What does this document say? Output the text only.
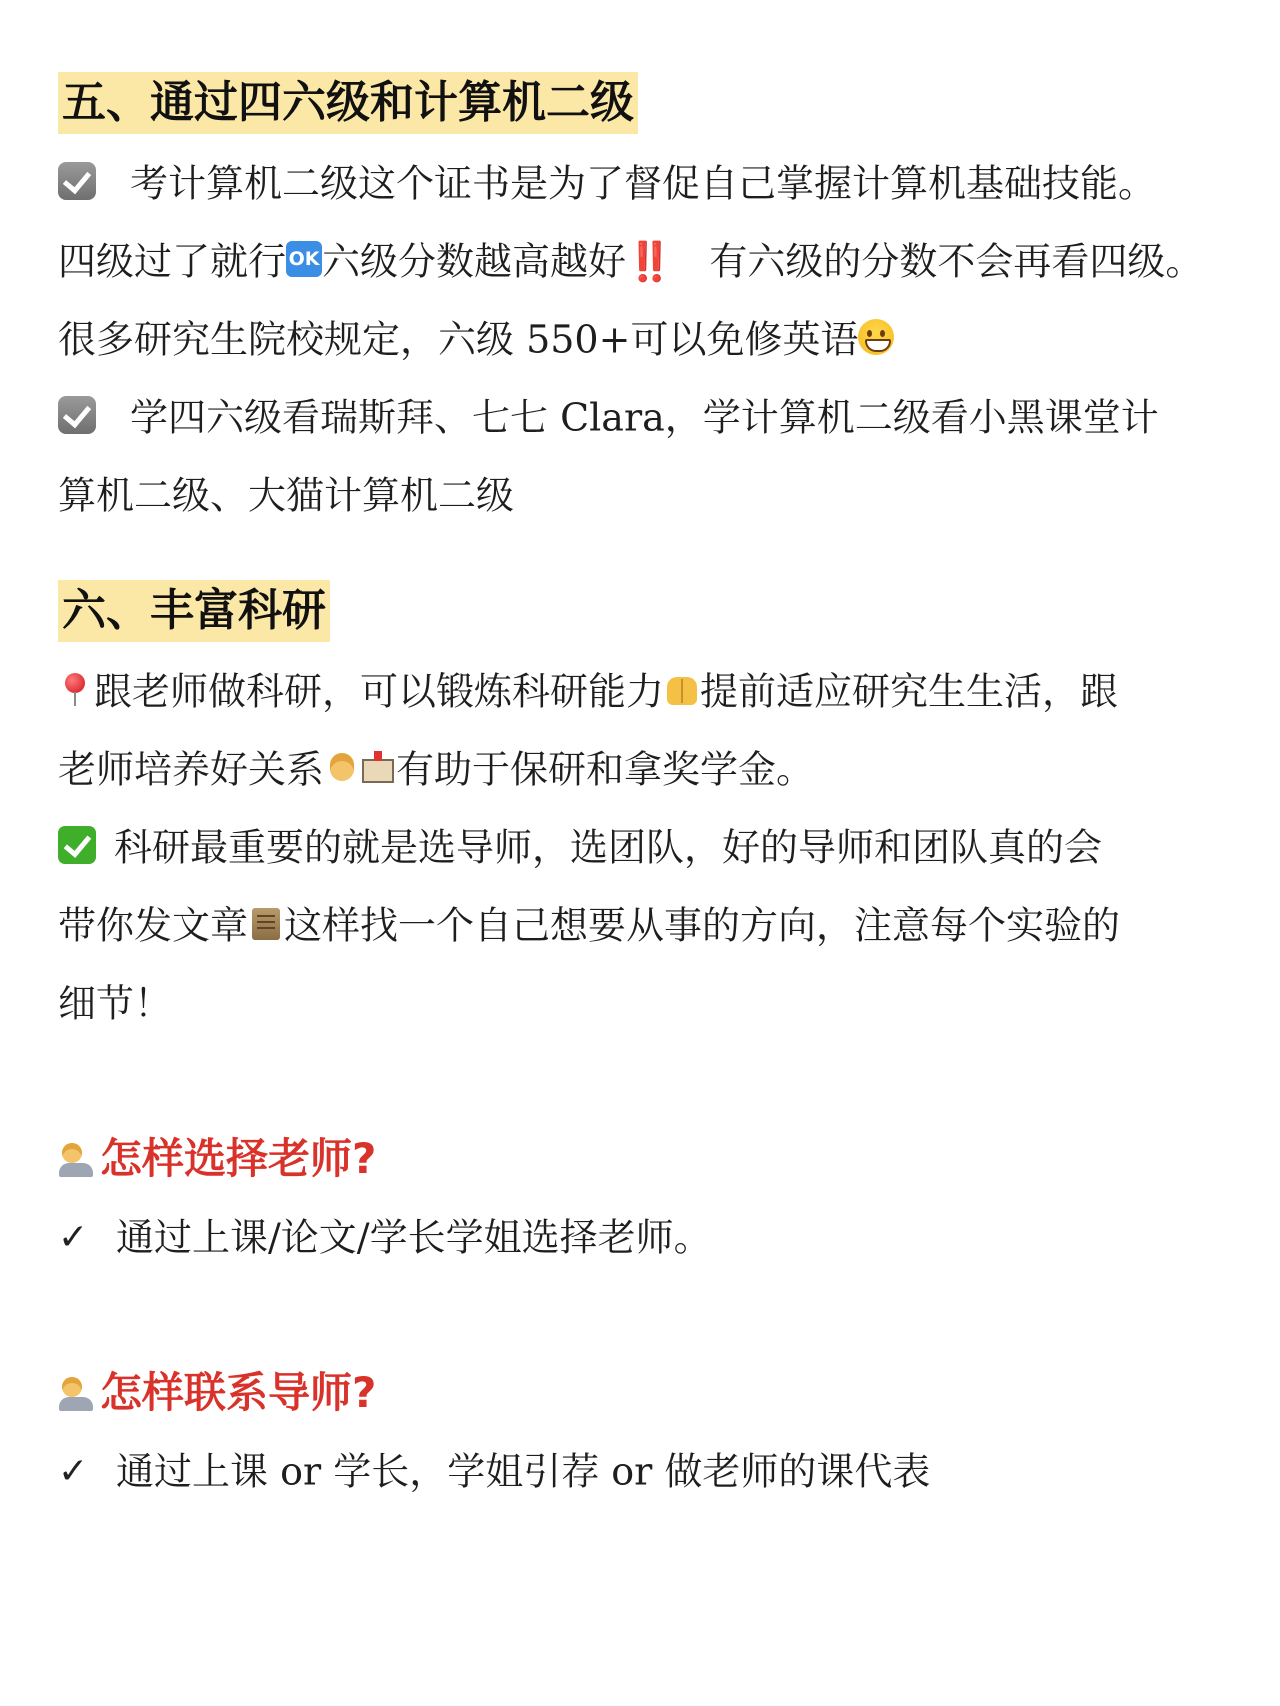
五、通过四六级和计算机二级
考计算机二级这个证书是为了督促自己掌握计算机基础技能。
四级过了就行OK 六级分数越高越好‼️ 有六级的分数不会再看四级。
很多研究生院校规定，六级 550+可以免修英语
学四六级看瑞斯拜、七七 Clara，学计算机二级看小黑课堂计
算机二级、大猫计算机二级
六、丰富科研
跟老师做科研，可以锻炼科研能力 提前适应研究生生活，跟
老师培养好关系 有助于保研和拿奖学金。
科研最重要的就是选导师，选团队，好的导师和团队真的会
带你发文章 这样找一个自己想要从事的方向，注意每个实验的
细节！
怎样选择老师?
✓ 通过上课/论文/学长学姐选择老师。
怎样联系导师?
✓ 通过上课 or 学长，学姐引荐 or 做老师的课代表
